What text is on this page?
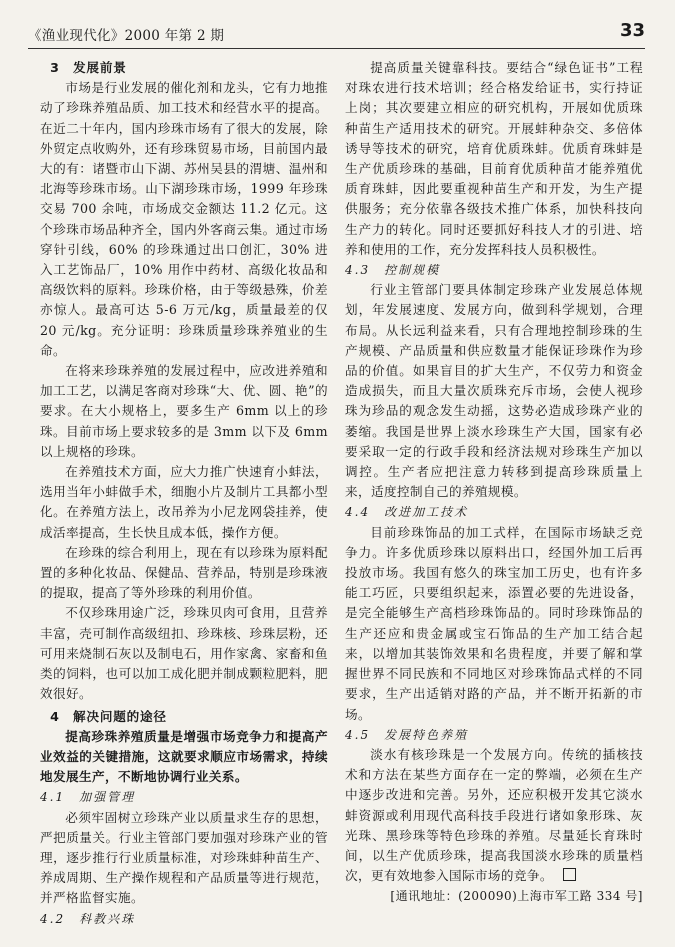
《渔业现代化》2000 年第 2 期	33

3　发展前景

市场是行业发展的催化剂和龙头，它有力地推动了珍珠养殖品质、加工技术和经营水平的提高。在近二十年内，国内珍珠市场有了很大的发展，除外贸定点收购外，还有珍珠贸易市场，目前国内最大的有：诸暨市山下湖、苏州吴县的渭塘、温州和北海等珍珠市场。山下湖珍珠市场，1999 年珍珠交易 700 余吨，市场成交金额达 11.2 亿元。这个珍珠市场品种齐全，国内外客商云集。通过市场穿针引线，60% 的珍珠通过出口创汇，30% 进入工艺饰品厂，10% 用作中药材、高级化妆品和高级饮料的原料。珍珠价格，由于等级悬殊，价差亦惊人。最高可达 5-6 万元/kg，质量最差的仅 20 元/kg。充分证明：珍珠质量珍珠养殖业的生命。

在将来珍珠养殖的发展过程中，应改进养殖和加工工艺，以满足客商对珍珠“大、优、圆、艳”的要求。在大小规格上，要多生产 6mm 以上的珍珠。目前市场上要求较多的是 3mm 以下及 6mm 以上规格的珍珠。

在养殖技术方面，应大力推广快速育小蚌法，选用当年小蚌做手术，细胞小片及制片工具都小型化。在养殖方法上，改吊养为小尼龙网袋挂养，使成活率提高，生长快且成本低，操作方便。

在珍珠的综合利用上，现在有以珍珠为原料配置的多种化妆品、保健品、营养品，特别是珍珠液的提取，提高了等外珍珠的利用价值。

不仅珍珠用途广泛，珍珠贝肉可食用，且营养丰富，壳可制作高级纽扣、珍珠核、珍珠层粉，还可用来烧制石灰以及制电石，用作家禽、家畜和鱼类的饲料，也可以加工成化肥并制成颗粒肥料，肥效很好。

4　解决问题的途径

提高珍珠养殖质量是增强市场竞争力和提高产业效益的关键措施，这就要求顺应市场需求，持续地发展生产，不断地协调行业关系。

4.1　加强管理

必须牢固树立珍珠产业以质量求生存的思想，严把质量关。行业主管部门要加强对珍珠产业的管理，逐步推行行业质量标准，对珍珠蚌种苗生产、养成周期、生产操作规程和产品质量等进行规范，并严格监督实施。

4.2　科教兴珠

提高质量关键靠科技。要结合“绿色证书”工程对珠农进行技术培训；经合格发给证书，实行持证上岗；其次要建立相应的研究机构，开展如优质珠种苗生产适用技术的研究。开展蚌种杂交、多倍体诱导等技术的研究，培育优质珠蚌。优质育珠蚌是生产优质珍珠的基础，目前育优质种苗才能养殖优质育珠蚌，因此要重视种苗生产和开发，为生产提供服务；充分依靠各级技术推广体系，加快科技向生产力的转化。同时还要抓好科技人才的引进、培养和使用的工作，充分发挥科技人员积极性。

4.3　控制规模

行业主管部门要具体制定珍珠产业发展总体规划，年发展速度、发展方向，做到科学规划，合理布局。从长远利益来看，只有合理地控制珍珠的生产规模、产品质量和供应数量才能保证珍珠作为珍品的价值。如果盲目的扩大生产，不仅劳力和资金造成损失，而且大量次质珠充斥市场，会使人视珍珠为珍品的观念发生动摇，这势必造成珍珠产业的萎缩。我国是世界上淡水珍珠生产大国，国家有必要采取一定的行政手段和经济法规对珍珠生产加以调控。生产者应把注意力转移到提高珍珠质量上来，适度控制自己的养殖规模。

4.4　改进加工技术

目前珍珠饰品的加工式样，在国际市场缺乏竞争力。许多优质珍珠以原料出口，经国外加工后再投放市场。我国有悠久的珠宝加工历史，也有许多能工巧匠，只要组织起来，添置必要的先进设备，是完全能够生产高档珍珠饰品的。同时珍珠饰品的生产还应和贵金属或宝石饰品的生产加工结合起来，以增加其装饰效果和名贵程度，并要了解和掌握世界不同民族和不同地区对珍珠饰品式样的不同要求，生产出适销对路的产品，并不断开拓新的市场。

4.5　发展特色养殖

淡水有核珍珠是一个发展方向。传统的插核技术和方法在某些方面存在一定的弊端，必须在生产中逐步改进和完善。另外，还应积极开发其它淡水蚌资源或利用现代高科技手段进行诸如象形珠、灰光珠、黑珍珠等特色珍珠的养殖。尽量延长育珠时间，以生产优质珍珠，提高我国淡水珍珠的质量档次，更有效地参入国际市场的竞争。

[通讯地址：(200090)上海市军工路 334 号]
